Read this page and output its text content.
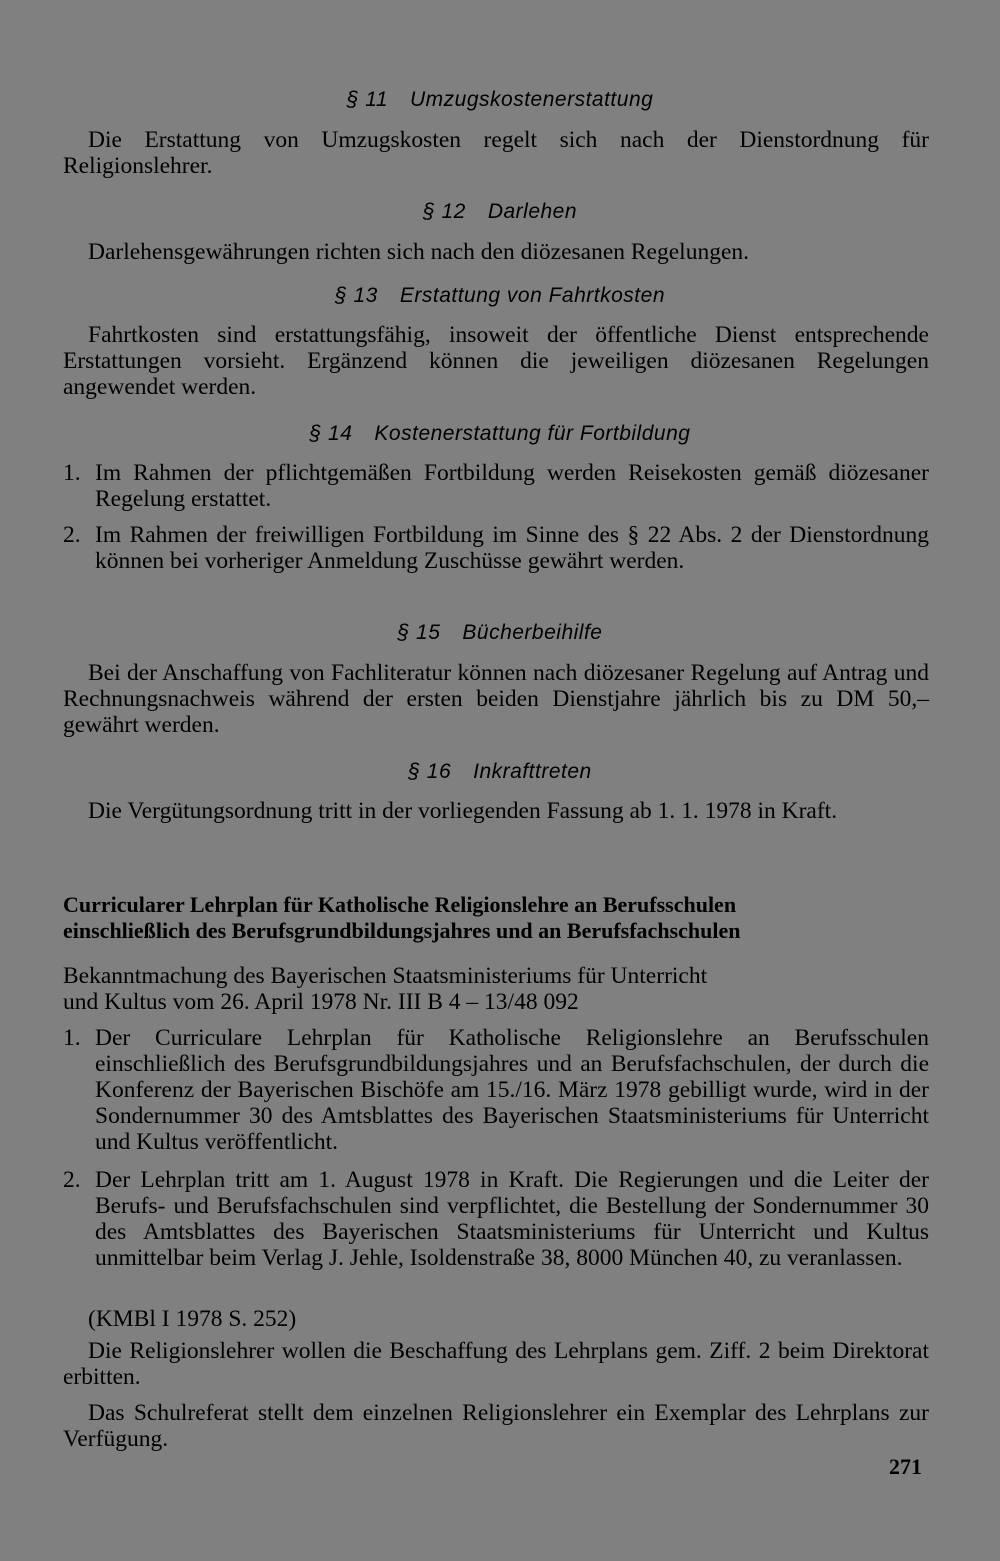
§ 11 Umzugskostenerstattung
Die Erstattung von Umzugskosten regelt sich nach der Dienstordnung für Religionslehrer.
§ 12 Darlehen
Darlehensgewährungen richten sich nach den diözesanen Regelungen.
§ 13 Erstattung von Fahrtkosten
Fahrtkosten sind erstattungsfähig, insoweit der öffentliche Dienst entsprechende Erstattungen vorsieht. Ergänzend können die jeweiligen diözesanen Regelungen angewendet werden.
§ 14 Kostenerstattung für Fortbildung
1. Im Rahmen der pflichtgemäßen Fortbildung werden Reisekosten gemäß diözesaner Regelung erstattet.
2. Im Rahmen der freiwilligen Fortbildung im Sinne des § 22 Abs. 2 der Dienstordnung können bei vorheriger Anmeldung Zuschüsse gewährt werden.
§ 15 Bücherbeihilfe
Bei der Anschaffung von Fachliteratur können nach diözesaner Regelung auf Antrag und Rechnungsnachweis während der ersten beiden Dienstjahre jährlich bis zu DM 50,– gewährt werden.
§ 16 Inkrafttreten
Die Vergütungsordnung tritt in der vorliegenden Fassung ab 1. 1. 1978 in Kraft.
Curricularer Lehrplan für Katholische Religionslehre an Berufsschulen
einschließlich des Berufsgrundbildungsjahres und an Berufsfachschulen
Bekanntmachung des Bayerischen Staatsministeriums für Unterricht
und Kultus vom 26. April 1978 Nr. III B 4 – 13/48 092
1. Der Curriculare Lehrplan für Katholische Religionslehre an Berufsschulen einschließlich des Berufsgrundbildungsjahres und an Berufsfachschulen, der durch die Konferenz der Bayerischen Bischöfe am 15./16. März 1978 gebilligt wurde, wird in der Sondernummer 30 des Amtsblattes des Bayerischen Staatsministeriums für Unterricht und Kultus veröffentlicht.
2. Der Lehrplan tritt am 1. August 1978 in Kraft. Die Regierungen und die Leiter der Berufs- und Berufsfachschulen sind verpflichtet, die Bestellung der Sondernummer 30 des Amtsblattes des Bayerischen Staatsministeriums für Unterricht und Kultus unmittelbar beim Verlag J. Jehle, Isoldenstraße 38, 8000 München 40, zu veranlassen.
(KMBl I 1978 S. 252)
Die Religionslehrer wollen die Beschaffung des Lehrplans gem. Ziff. 2 beim Direktorat erbitten.
Das Schulreferat stellt dem einzelnen Religionslehrer ein Exemplar des Lehrplans zur Verfügung.
271
